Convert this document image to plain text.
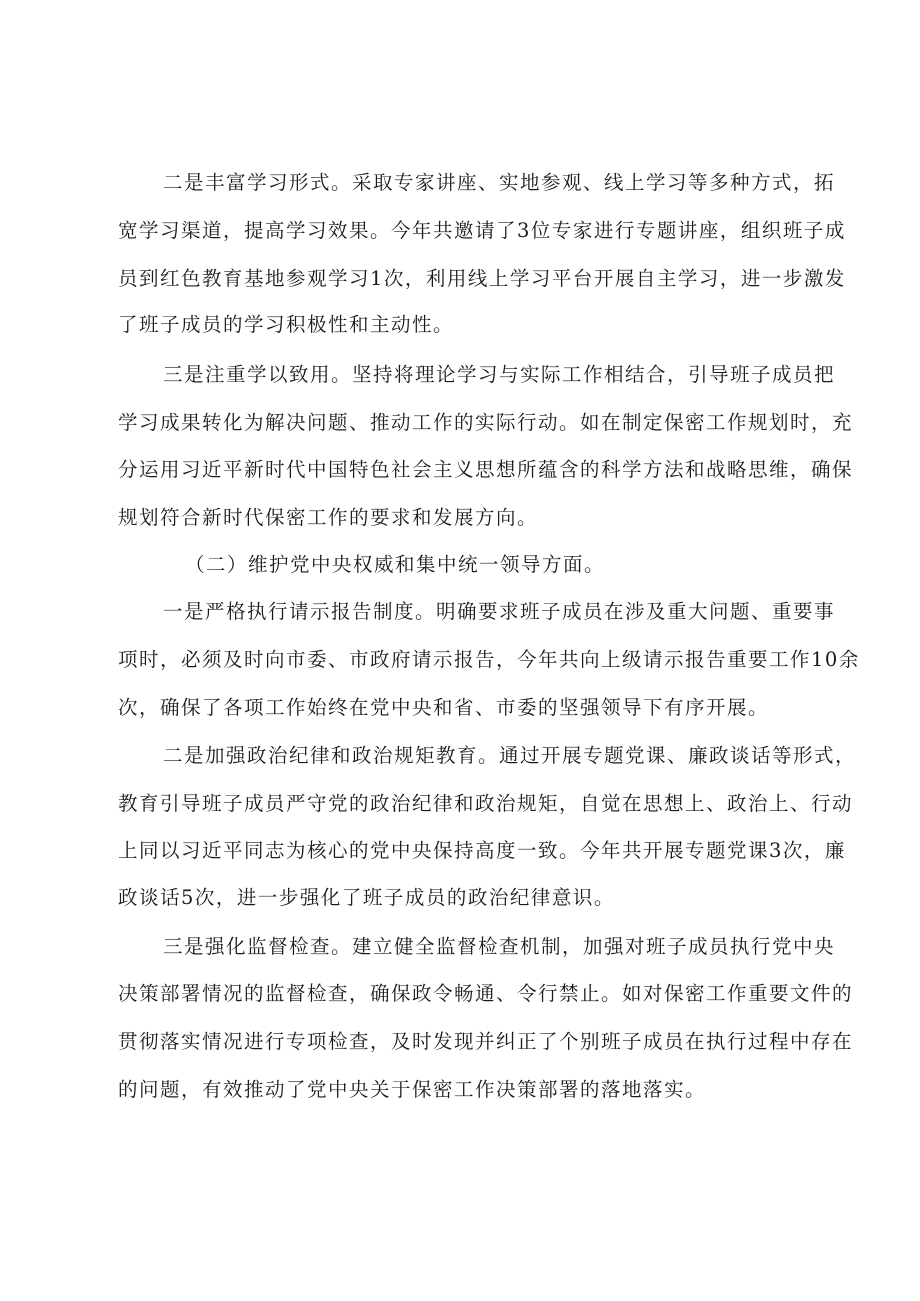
二是丰富学习形式。采取专家讲座、实地参观、线上学习等多种方式，拓
宽学习渠道，提高学习效果。今年共邀请了3位专家进行专题讲座，组织班子成
员到红色教育基地参观学习1次，利用线上学习平台开展自主学习，进一步激发
了班子成员的学习积极性和主动性。
三是注重学以致用。坚持将理论学习与实际工作相结合，引导班子成员把
学习成果转化为解决问题、推动工作的实际行动。如在制定保密工作规划时，充
分运用习近平新时代中国特色社会主义思想所蕴含的科学方法和战略思维，确保
规划符合新时代保密工作的要求和发展方向。
（二）维护党中央权威和集中统一领导方面。
一是严格执行请示报告制度。明确要求班子成员在涉及重大问题、重要事
项时，必须及时向市委、市政府请示报告，今年共向上级请示报告重要工作10余
次，确保了各项工作始终在党中央和省、市委的坚强领导下有序开展。
二是加强政治纪律和政治规矩教育。通过开展专题党课、廉政谈话等形式，
教育引导班子成员严守党的政治纪律和政治规矩，自觉在思想上、政治上、行动
上同以习近平同志为核心的党中央保持高度一致。今年共开展专题党课3次，廉
政谈话5次，进一步强化了班子成员的政治纪律意识。
三是强化监督检查。建立健全监督检查机制，加强对班子成员执行党中央
决策部署情况的监督检查，确保政令畅通、令行禁止。如对保密工作重要文件的
贯彻落实情况进行专项检查，及时发现并纠正了个别班子成员在执行过程中存在
的问题，有效推动了党中央关于保密工作决策部署的落地落实。
